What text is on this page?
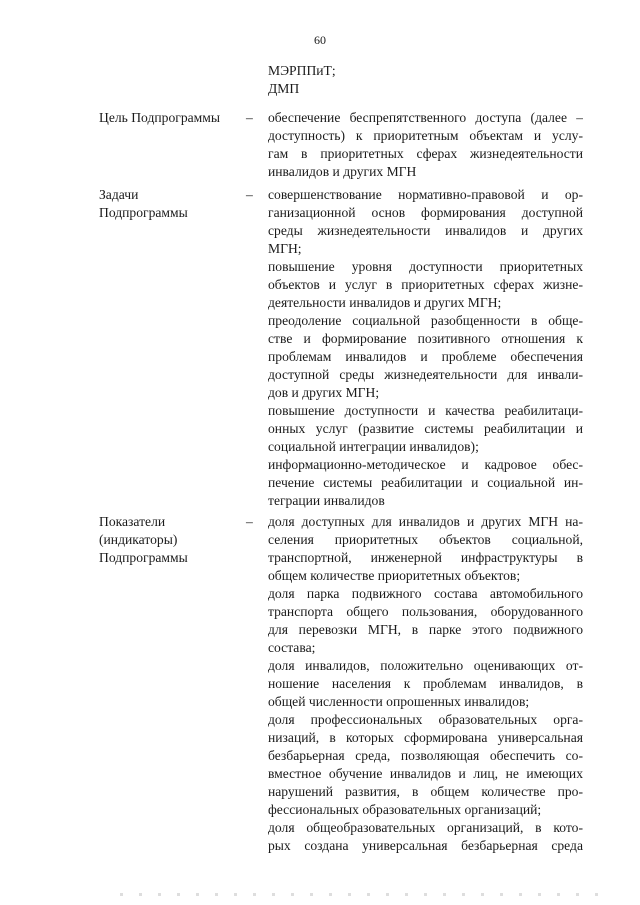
60
МЭРППиТ;
ДМП
Цель Подпрограммы – обеспечение беспрепятственного доступа (далее –
доступность) к приоритетным объектам и услу-
гам в приоритетных сферах жизнедеятельности
инвалидов и других МГН
Задачи
Подпрограммы
– совершенствование нормативно-правовой и ор-
ганизационной основ формирования доступной
среды жизнедеятельности инвалидов и других
МГН;
повышение уровня доступности приоритетных
объектов и услуг в приоритетных сферах жизне-
деятельности инвалидов и других МГН;
преодоление социальной разобщенности в обще-
стве и формирование позитивного отношения к
проблемам инвалидов и проблеме обеспечения
доступной среды жизнедеятельности для инвали-
дов и других МГН;
повышение доступности и качества реабилитаци-
онных услуг (развитие системы реабилитации и
социальной интеграции инвалидов);
информационно-методическое и кадровое обес-
печение системы реабилитации и социальной ин-
теграции инвалидов
Показатели
(индикаторы)
Подпрограммы
– доля доступных для инвалидов и других МГН на-
селения приоритетных объектов социальной,
транспортной, инженерной инфраструктуры в
общем количестве приоритетных объектов;
доля парка подвижного состава автомобильного
транспорта общего пользования, оборудованного
для перевозки МГН, в парке этого подвижного
состава;
доля инвалидов, положительно оценивающих от-
ношение населения к проблемам инвалидов, в
общей численности опрошенных инвалидов;
доля профессиональных образовательных орга-
низаций, в которых сформирована универсальная
безбарьерная среда, позволяющая обеспечить со-
вместное обучение инвалидов и лиц, не имеющих
нарушений развития, в общем количестве про-
фессиональных образовательных организаций;
доля общеобразовательных организаций, в кото-
рых создана универсальная безбарьерная среда
